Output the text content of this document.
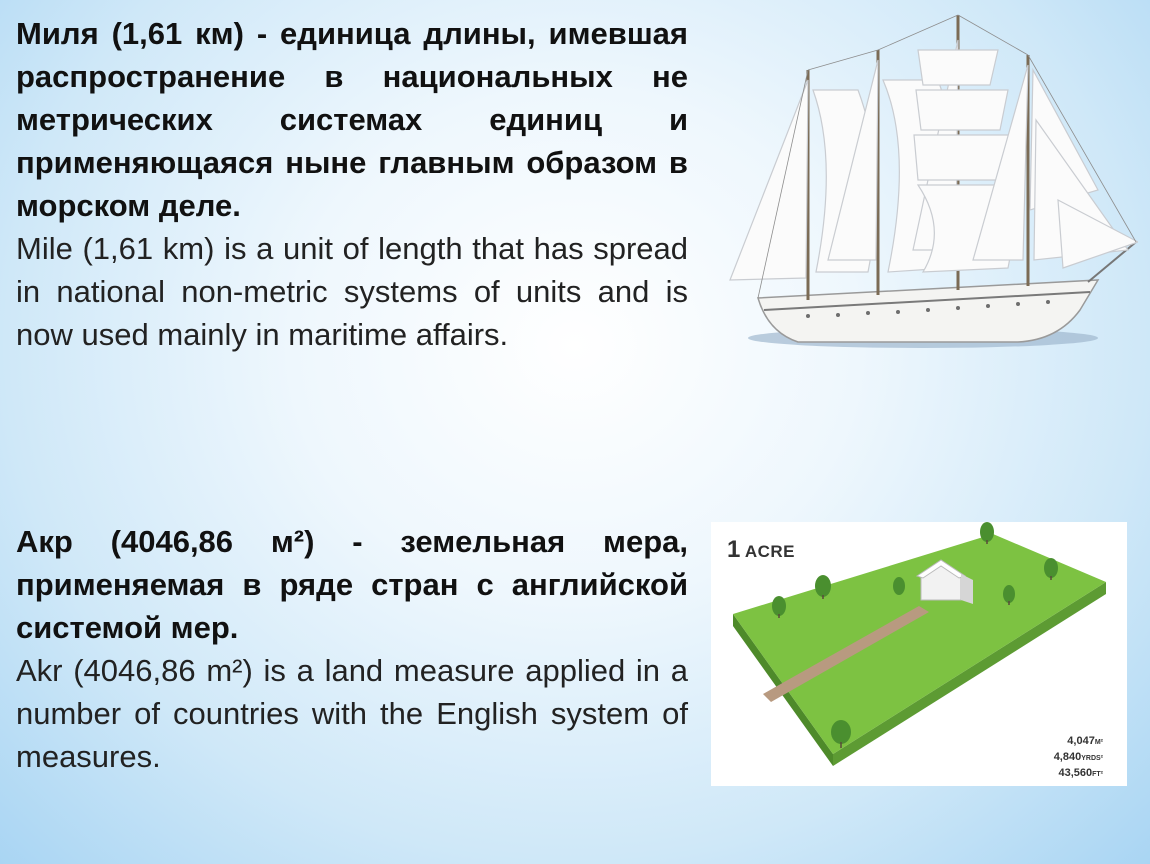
Миля (1,61 км) - единица длины, имевшая распространение в национальных не метрических системах единиц и применяющаяся ныне главным образом в морском деле.

Mile (1,61 km) is a unit of length that has spread in national non-metric systems of units and is now used mainly in maritime affairs.

Акр (4046,86 м²) - земельная мера, применяемая в ряде стран с английской системой мер.

Akr (4046,86 m²) is a land measure applied in a number of countries with the English system of measures.

1 ACRE
4,047M²
4,840YRDS²
43,560FT²
